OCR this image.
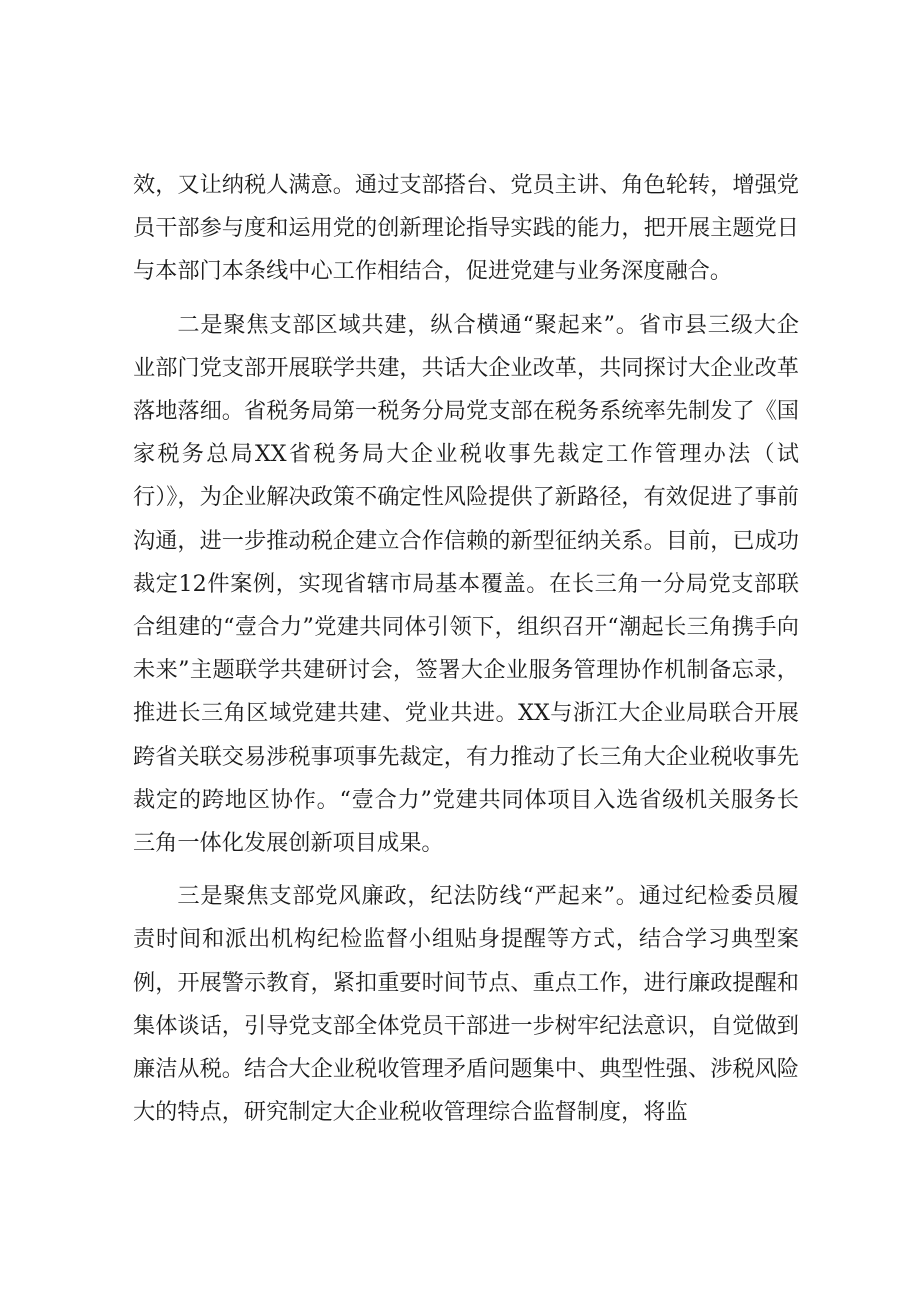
效，又让纳税人满意。通过支部搭台、党员主讲、角色轮转，增强党员干部参与度和运用党的创新理论指导实践的能力，把开展主题党日与本部门本条线中心工作相结合，促进党建与业务深度融合。

二是聚焦支部区域共建，纵合横通“聚起来”。省市县三级大企业部门党支部开展联学共建，共话大企业改革，共同探讨大企业改革落地落细。省税务局第一税务分局党支部在税务系统率先制发了《国家税务总局XX省税务局大企业税收事先裁定工作管理办法（试行）》，为企业解决政策不确定性风险提供了新路径，有效促进了事前沟通，进一步推动税企建立合作信赖的新型征纳关系。目前，已成功裁定12件案例，实现省辖市局基本覆盖。在长三角一分局党支部联合组建的“壹合力”党建共同体引领下，组织召开“潮起长三角携手向未来”主题联学共建研讨会，签署大企业服务管理协作机制备忘录，推进长三角区域党建共建、党业共进。XX与浙江大企业局联合开展跨省关联交易涉税事项事先裁定，有力推动了长三角大企业税收事先裁定的跨地区协作。“壹合力”党建共同体项目入选省级机关服务长三角一体化发展创新项目成果。

三是聚焦支部党风廉政，纪法防线“严起来”。通过纪检委员履责时间和派出机构纪检监督小组贴身提醒等方式，结合学习典型案例，开展警示教育，紧扣重要时间节点、重点工作，进行廉政提醒和集体谈话，引导党支部全体党员干部进一步树牢纪法意识，自觉做到廉洁从税。结合大企业税收管理矛盾问题集中、典型性强、涉税风险大的特点，研究制定大企业税收管理综合监督制度，将监
